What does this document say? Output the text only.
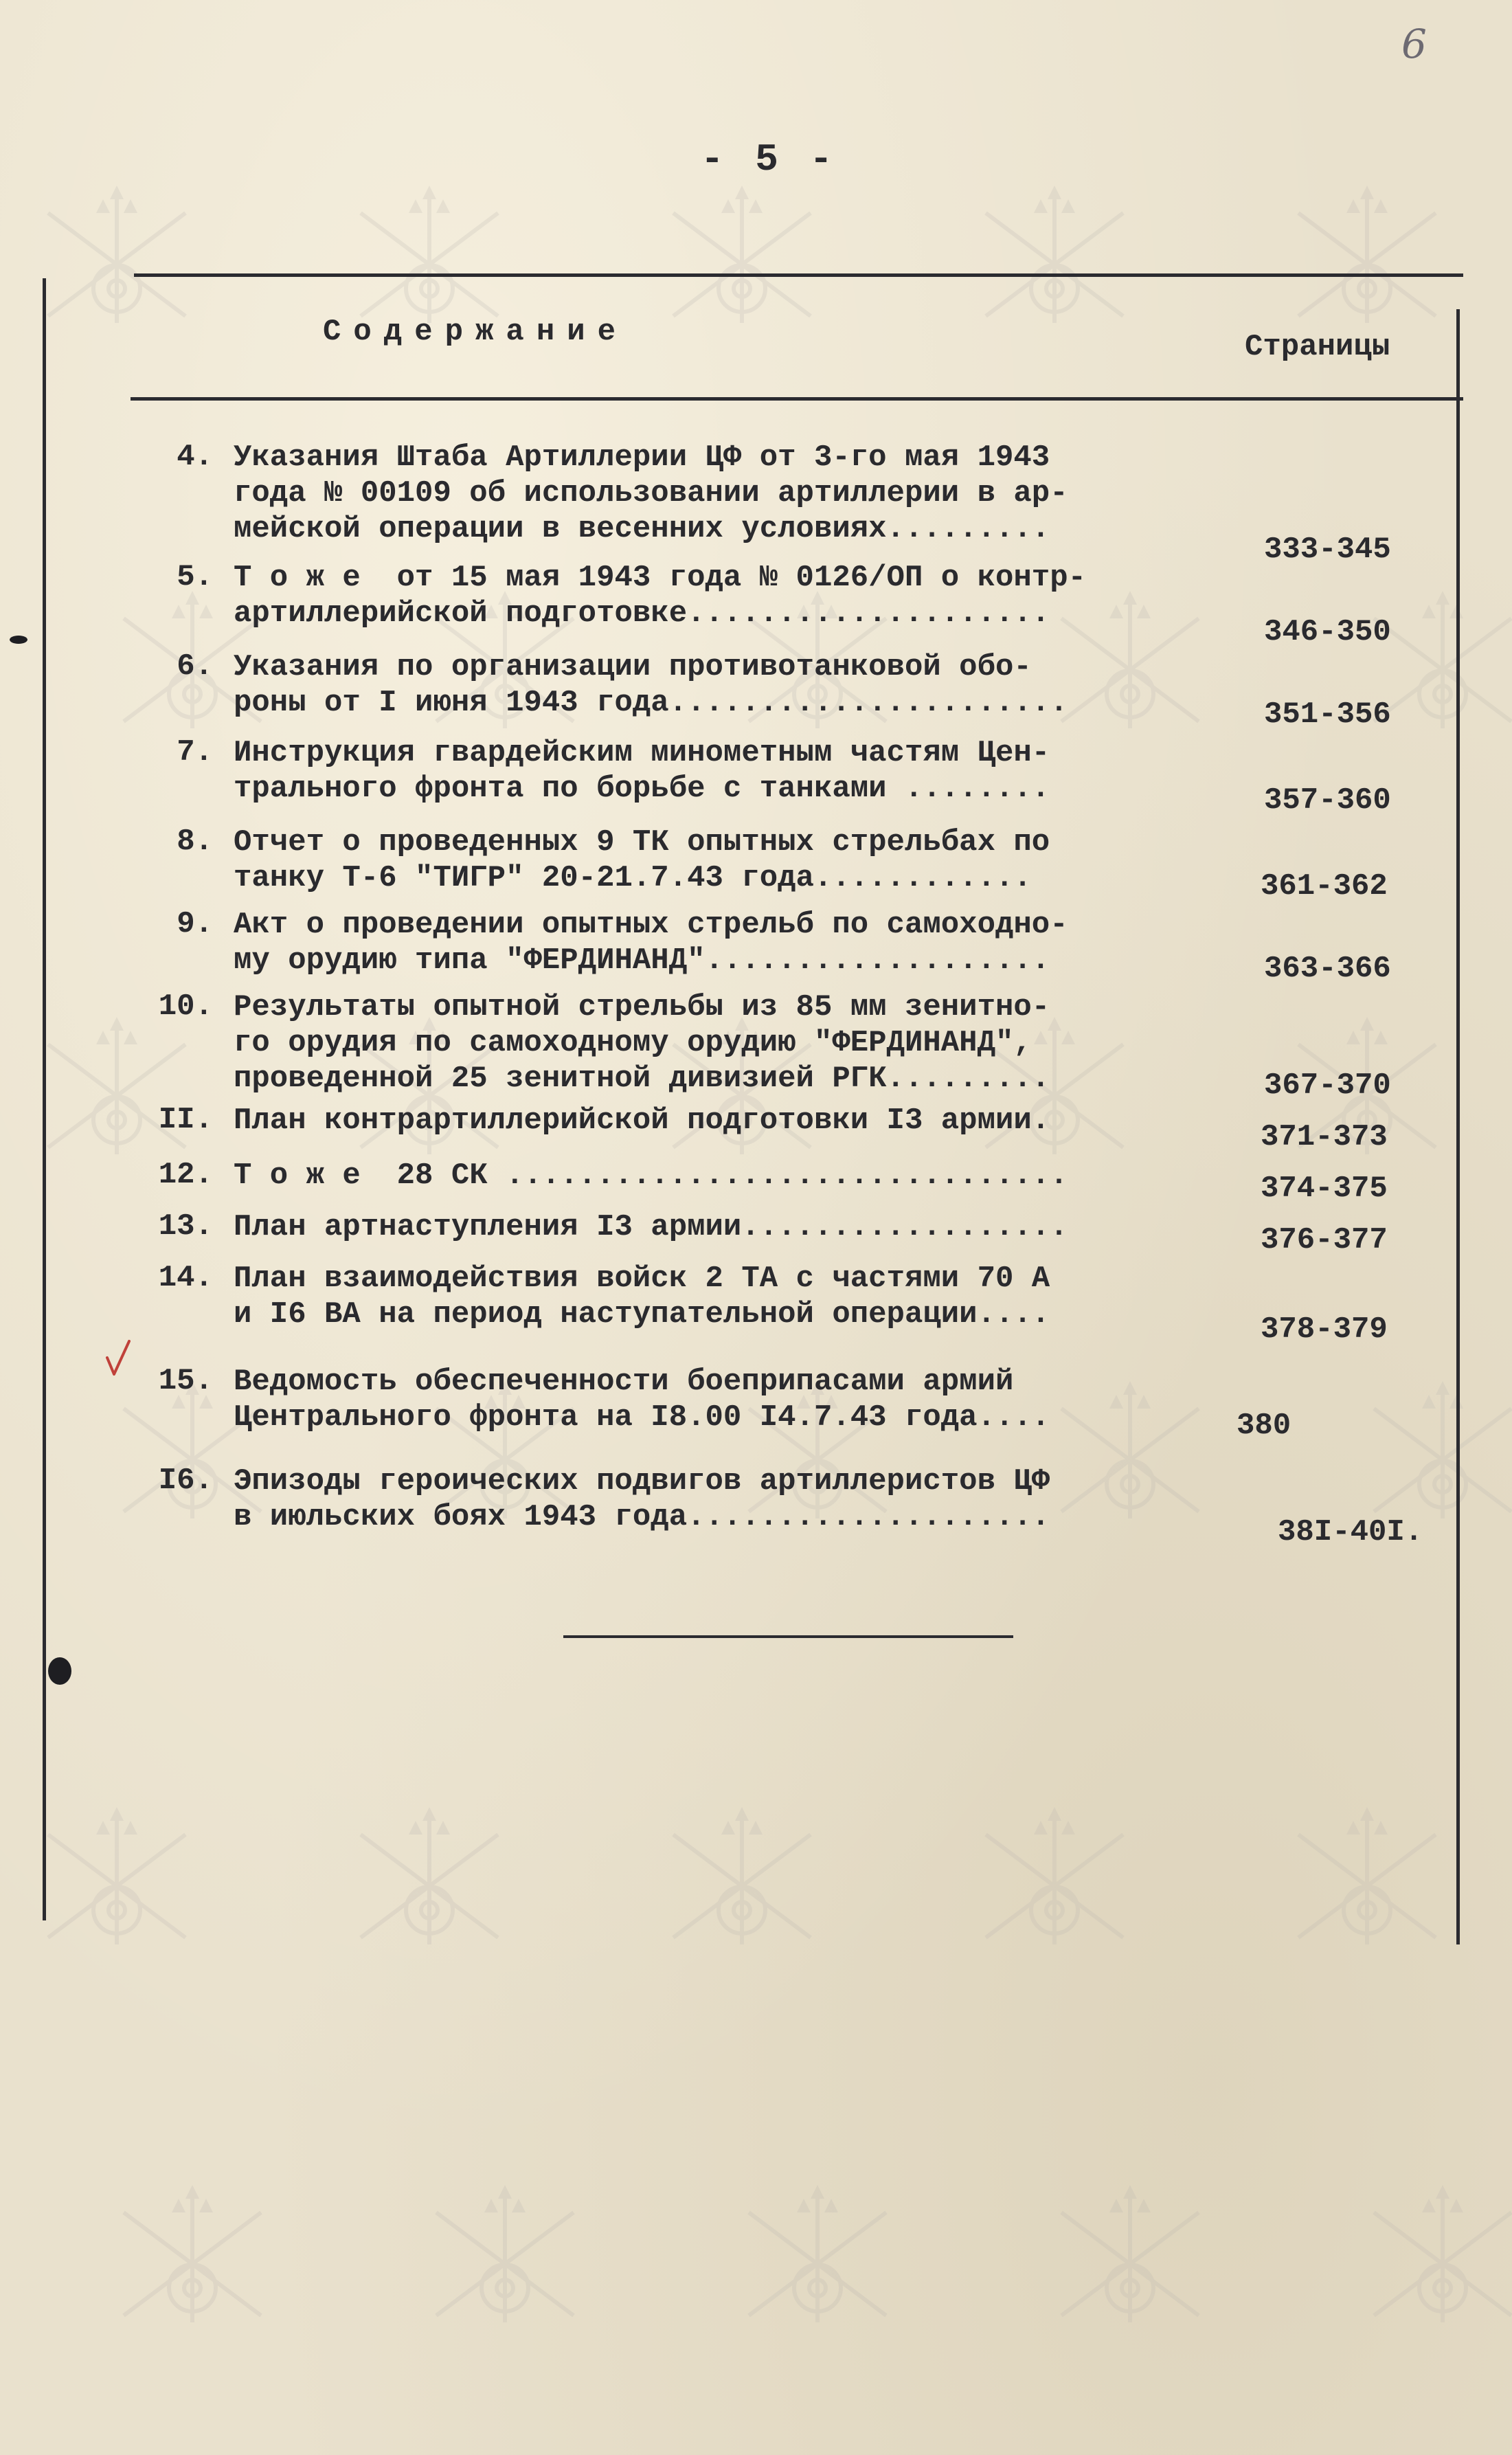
6
- 5 -
Содержание	Страницы
4. Указания Штаба Артиллерии ЦФ от 3-го мая 1943
года № 00109 об использовании артиллерии в ар-
мейской операции в весенних условиях.........
333-345
5. Т о ж е  от 15 мая 1943 года № 0126/ОП о контр-
артиллерийской подготовке....................
346-350
6. Указания по организации противотанковой обо-
роны от I июня 1943 года......................	351-356
7. Инструкция гвардейским минометным частям Цен-
трального фронта по борьбе с танками ........	357-360
8. Отчет о проведенных 9 ТК опытных стрельбах по
танку Т-6 "ТИГР" 20-21.7.43 года............	361-362
9. Акт о проведении опытных стрельб по самоходно-
му орудию типа "ФЕРДИНАНД"...................	363-366
10. Результаты опытной стрельбы из 85 мм зенитно-
го орудия по самоходному орудию "ФЕРДИНАНД",
проведенной 25 зенитной дивизией РГК.........	367-370
II. План контрартиллерийской подготовки I3 армии.	371-373
12. Т о ж е  28 СК ...............................	374-375
13. План артнаступления I3 армии..................	376-377
14. План взаимодействия войск 2 ТА с частями 70 А
и I6 ВА на период наступательной операции....	378-379
15. Ведомость обеспеченности боеприпасами армий
Центрального фронта на I8.00 I4.7.43 года....	380
I6. Эпизоды героических подвигов артиллеристов ЦФ
в июльских боях 1943 года....................	38I-40I.
